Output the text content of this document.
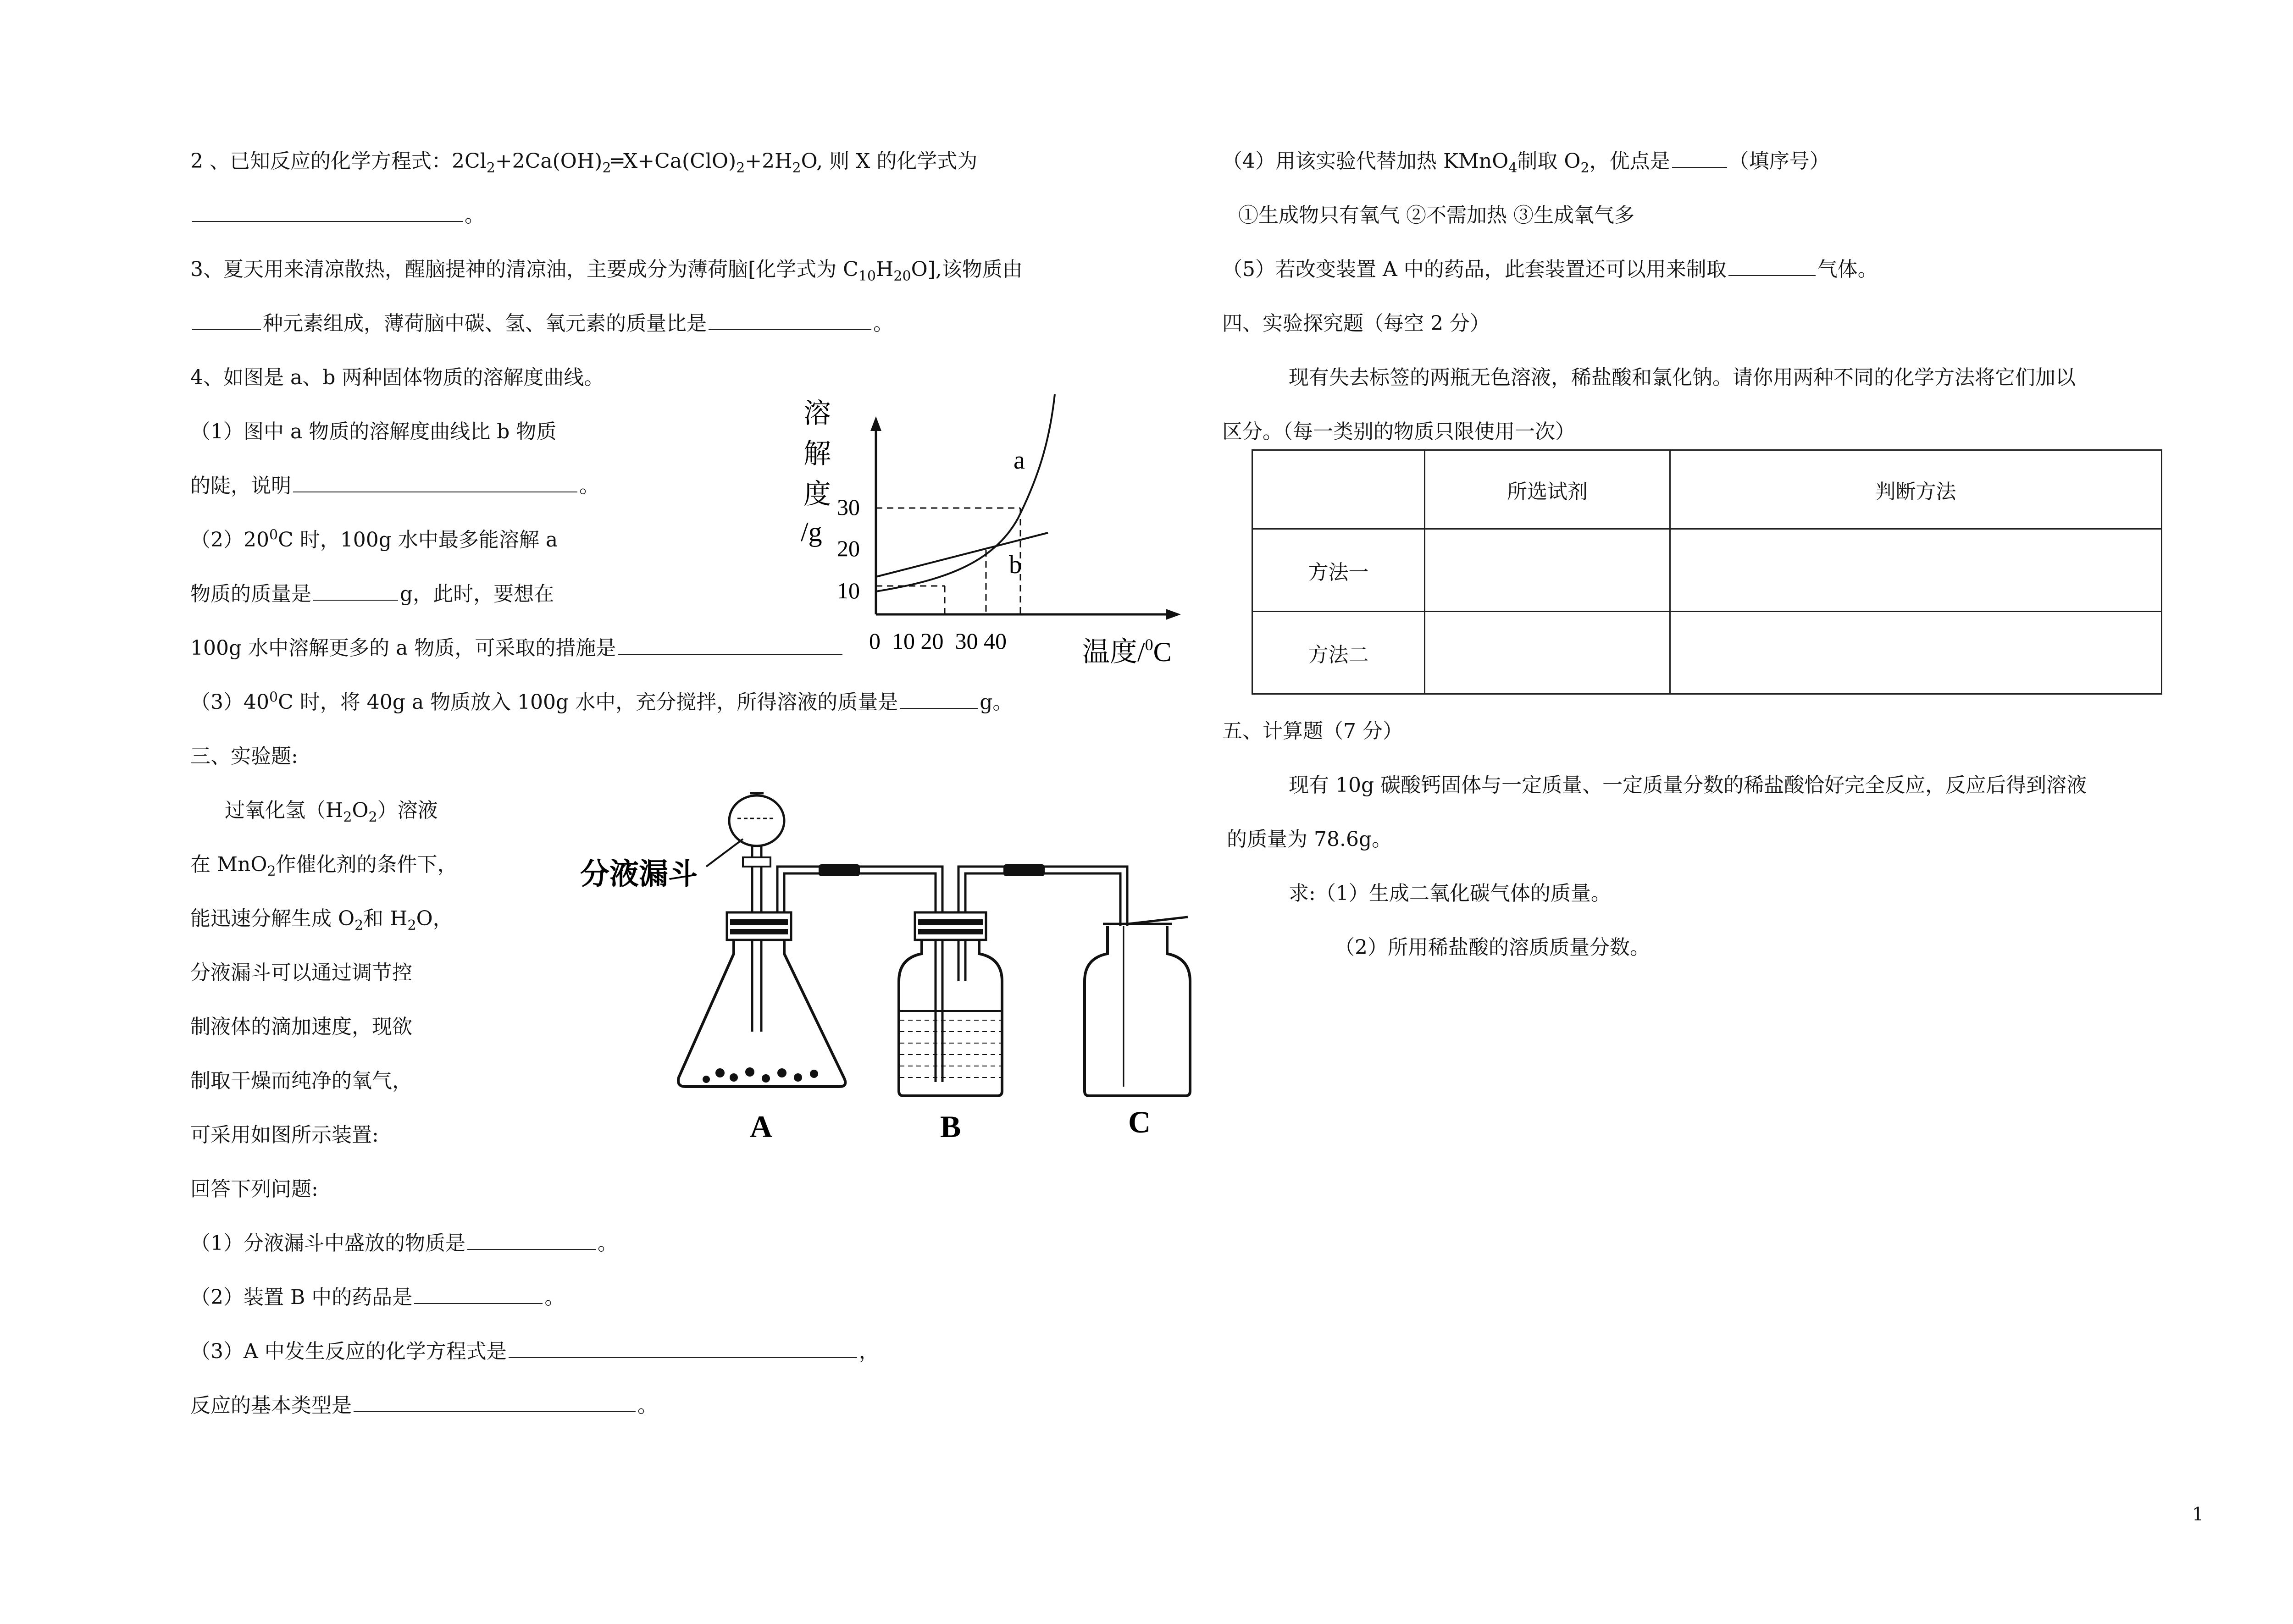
2 、已知反应的化学方程式：$2Cl_2+2Ca(OH)_2═X+Ca(ClO)_2+2H_2O$, 则 X 的化学式为
。
3、夏天用来清凉散热，醒脑提神的清凉油，主要成分为薄荷脑[化学式为 $C_{10}H_{20}O$],该物质由
种元素组成，薄荷脑中碳、氢、氧元素的质量比是	。
4、如图是 a、b 两种固体物质的溶解度曲线。
（1）图中 a 物质的溶解度曲线比 b 物质
的陡，说明	。
$(2)20^0C$ 时，100g 水中最多能溶解 a
物质的质量是	g，此时，要想在
100g 水中溶解更多的 a 物质，可采取的措施是
$(3)40^0C$ 时，将 40g a 物质放入 100g 水中，充分搅拌，所得溶液的质量是	g。
三、实验题:
过氧化氢$(H_2O_2)$溶液
在 MnO$_2$作催化剂的条件下，
能迅速分解生成 $O_2$和 $H_2O$，
分液漏斗可以通过调节控
制液体的滴加速度，现欲
制取干燥而纯净的氧气，
可采用如图所示装置:
回答下列问题:
（1）分液漏斗中盛放的物质是	。
（2）装置 B 中的药品是	。
（3）A 中发生反应的化学方程式是	，
反应的基本类型是	。
溶
解
度
/g
30
20
10
a
b
0  10 20  30 40	温度/$^0$C
分液漏斗
A	B	C
（4）用该实验代替加热 KMnO$_4$制取 $O_2$，优点是	（填序号）
①生成物只有氧气 ②不需加热 ③生成氧气多
（5）若改变装置 A 中的药品，此套装置还可以用来制取	气体。
四、实验探究题（每空 2 分）
现有失去标签的两瓶无色溶液，稀盐酸和氯化钠。请你用两种不同的化学方法将它们加以
区分。（每一类别的物质只限使用一次）
	所选试剂	判断方法
方法一		
方法二		
五、计算题（7 分）
现有 10g 碳酸钙固体与一定质量、一定质量分数的稀盐酸恰好完全反应，反应后得到溶液
的质量为 78.6g。
求:（1）生成二氧化碳气体的质量。
（2）所用稀盐酸的溶质质量分数。
1
